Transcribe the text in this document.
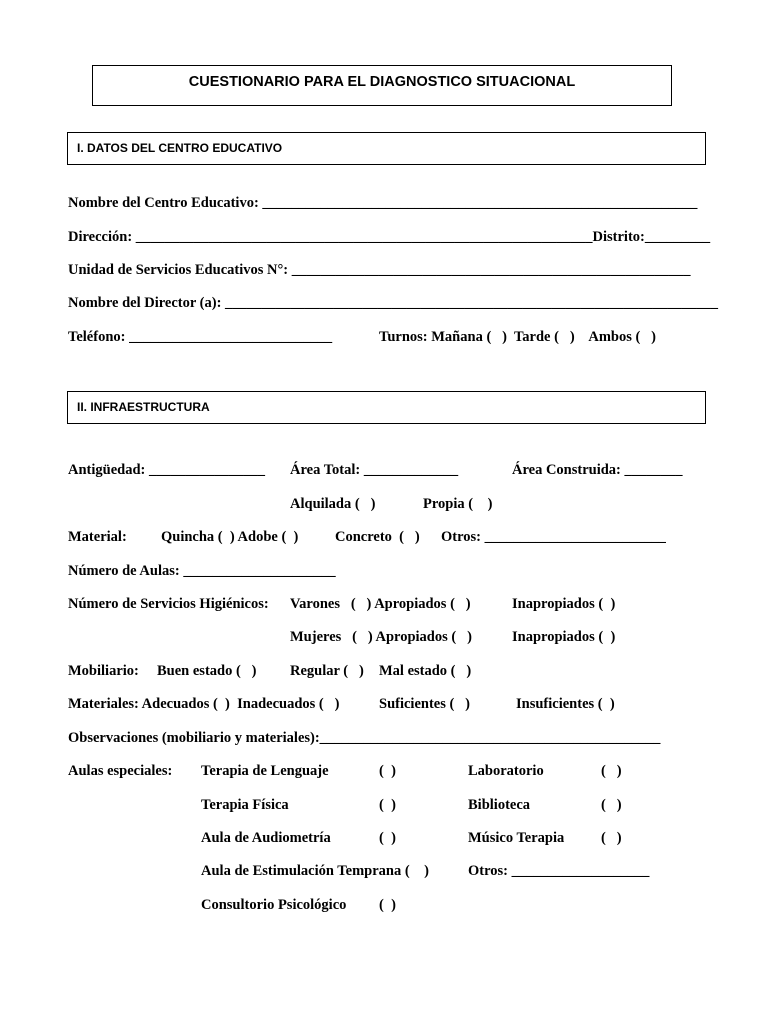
CUESTIONARIO PARA EL DIAGNOSTICO SITUACIONAL
I. DATOS DEL CENTRO EDUCATIVO
Nombre del Centro Educativo: ____________________________________________________________
Dirección: _______________________________________________________________Distrito:_________
Unidad de Servicios Educativos N°: _______________________________________________________
Nombre del Director (a): ____________________________________________________________________
Teléfono: ____________________________	Turnos: Mañana (   )  Tarde (   )    Ambos (   )
II. INFRAESTRUCTURA
Antigüedad: ________________ Área Total: _____________	Área Construida: ________
Alquilada (   )	Propia (    )
Material: Quincha (  ) Adobe (  )	Concreto  (   ) Otros: _________________________
Número de Aulas: _____________________
Número de Servicios Higiénicos: Varones   (   ) Apropiados (   )	Inapropiados (  )
Mujeres   (   ) Apropiados (   )	Inapropiados (  )
Mobiliario: Buen estado (   ) Regular (   ) Mal estado (   )
Materiales: Adecuados (  )  Inadecuados (   )	Suficientes (   )	Insuficientes (  )
Observaciones (mobiliario y materiales):_______________________________________________
Aulas especiales: Terapia de Lenguaje	(  )	Laboratorio	(   )
Terapia Física	(  )	Biblioteca	(   )
Aula de Audiometría	(  )	Músico Terapia	(   )
Aula de Estimulación Temprana (    )	Otros: ___________________
Consultorio Psicológico (  )
